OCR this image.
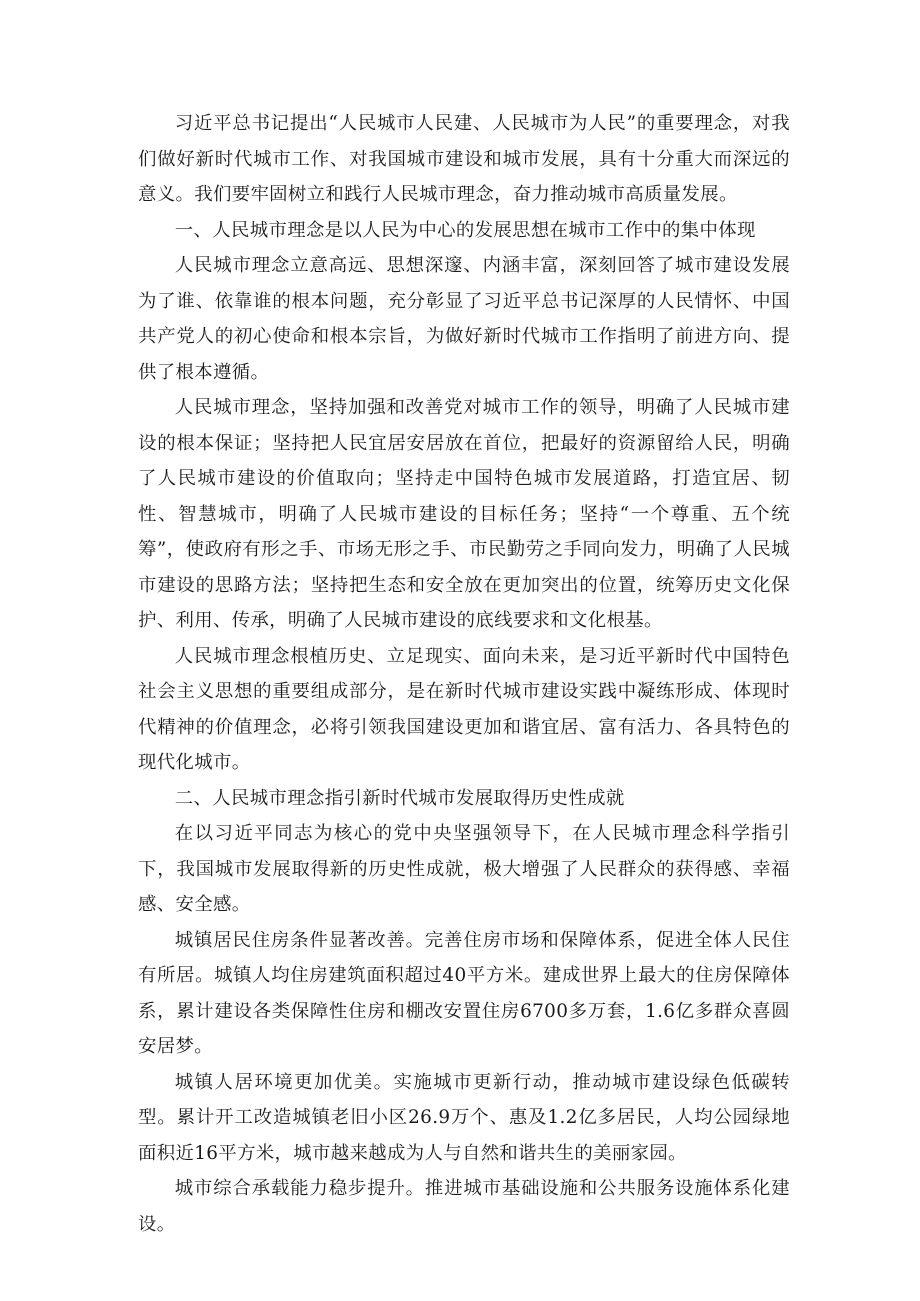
习近平总书记提出“人民城市人民建、人民城市为人民”的重要理念，对我们做好新时代城市工作、对我国城市建设和城市发展，具有十分重大而深远的意义。我们要牢固树立和践行人民城市理念，奋力推动城市高质量发展。

一、人民城市理念是以人民为中心的发展思想在城市工作中的集中体现

人民城市理念立意高远、思想深邃、内涵丰富，深刻回答了城市建设发展为了谁、依靠谁的根本问题，充分彰显了习近平总书记深厚的人民情怀、中国共产党人的初心使命和根本宗旨，为做好新时代城市工作指明了前进方向、提供了根本遵循。

人民城市理念，坚持加强和改善党对城市工作的领导，明确了人民城市建设的根本保证；坚持把人民宜居安居放在首位，把最好的资源留给人民，明确了人民城市建设的价值取向；坚持走中国特色城市发展道路，打造宜居、韧性、智慧城市，明确了人民城市建设的目标任务；坚持“一个尊重、五个统筹”，使政府有形之手、市场无形之手、市民勤劳之手同向发力，明确了人民城市建设的思路方法；坚持把生态和安全放在更加突出的位置，统筹历史文化保护、利用、传承，明确了人民城市建设的底线要求和文化根基。

人民城市理念根植历史、立足现实、面向未来，是习近平新时代中国特色社会主义思想的重要组成部分，是在新时代城市建设实践中凝练形成、体现时代精神的价值理念，必将引领我国建设更加和谐宜居、富有活力、各具特色的现代化城市。

二、人民城市理念指引新时代城市发展取得历史性成就

在以习近平同志为核心的党中央坚强领导下，在人民城市理念科学指引下，我国城市发展取得新的历史性成就，极大增强了人民群众的获得感、幸福感、安全感。

城镇居民住房条件显著改善。完善住房市场和保障体系，促进全体人民住有所居。城镇人均住房建筑面积超过40平方米。建成世界上最大的住房保障体系，累计建设各类保障性住房和棚改安置住房6700多万套，1.6亿多群众喜圆安居梦。

城镇人居环境更加优美。实施城市更新行动，推动城市建设绿色低碳转型。累计开工改造城镇老旧小区26.9万个、惠及1.2亿多居民，人均公园绿地面积近16平方米，城市越来越成为人与自然和谐共生的美丽家园。

城市综合承载能力稳步提升。推进城市基础设施和公共服务设施体系化建设。
